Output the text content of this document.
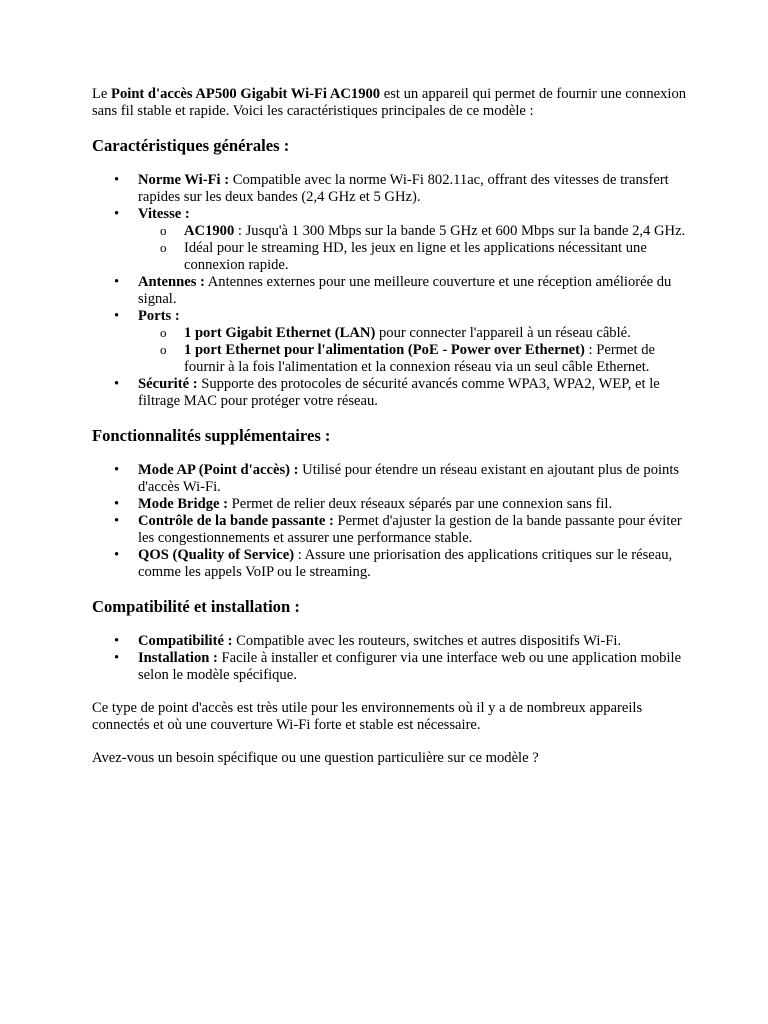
Le Point d'accès AP500 Gigabit Wi-Fi AC1900 est un appareil qui permet de fournir une connexion sans fil stable et rapide. Voici les caractéristiques principales de ce modèle :

Caractéristiques générales :
• Norme Wi-Fi : Compatible avec la norme Wi-Fi 802.11ac, offrant des vitesses de transfert rapides sur les deux bandes (2,4 GHz et 5 GHz).
• Vitesse :
o AC1900 : Jusqu'à 1 300 Mbps sur la bande 5 GHz et 600 Mbps sur la bande 2,4 GHz.
o Idéal pour le streaming HD, les jeux en ligne et les applications nécessitant une connexion rapide.
• Antennes : Antennes externes pour une meilleure couverture et une réception améliorée du signal.
• Ports :
o 1 port Gigabit Ethernet (LAN) pour connecter l'appareil à un réseau câblé.
o 1 port Ethernet pour l'alimentation (PoE - Power over Ethernet) : Permet de fournir à la fois l'alimentation et la connexion réseau via un seul câble Ethernet.
• Sécurité : Supporte des protocoles de sécurité avancés comme WPA3, WPA2, WEP, et le filtrage MAC pour protéger votre réseau.
Fonctionnalités supplémentaires :
• Mode AP (Point d'accès) : Utilisé pour étendre un réseau existant en ajoutant plus de points d'accès Wi-Fi.
• Mode Bridge : Permet de relier deux réseaux séparés par une connexion sans fil.
• Contrôle de la bande passante : Permet d'ajuster la gestion de la bande passante pour éviter les congestionnements et assurer une performance stable.
• QOS (Quality of Service) : Assure une priorisation des applications critiques sur le réseau, comme les appels VoIP ou le streaming.
Compatibilité et installation :
• Compatibilité : Compatible avec les routeurs, switches et autres dispositifs Wi-Fi.
• Installation : Facile à installer et configurer via une interface web ou une application mobile selon le modèle spécifique.

Ce type de point d'accès est très utile pour les environnements où il y a de nombreux appareils connectés et où une couverture Wi-Fi forte et stable est nécessaire.

Avez-vous un besoin spécifique ou une question particulière sur ce modèle ?
